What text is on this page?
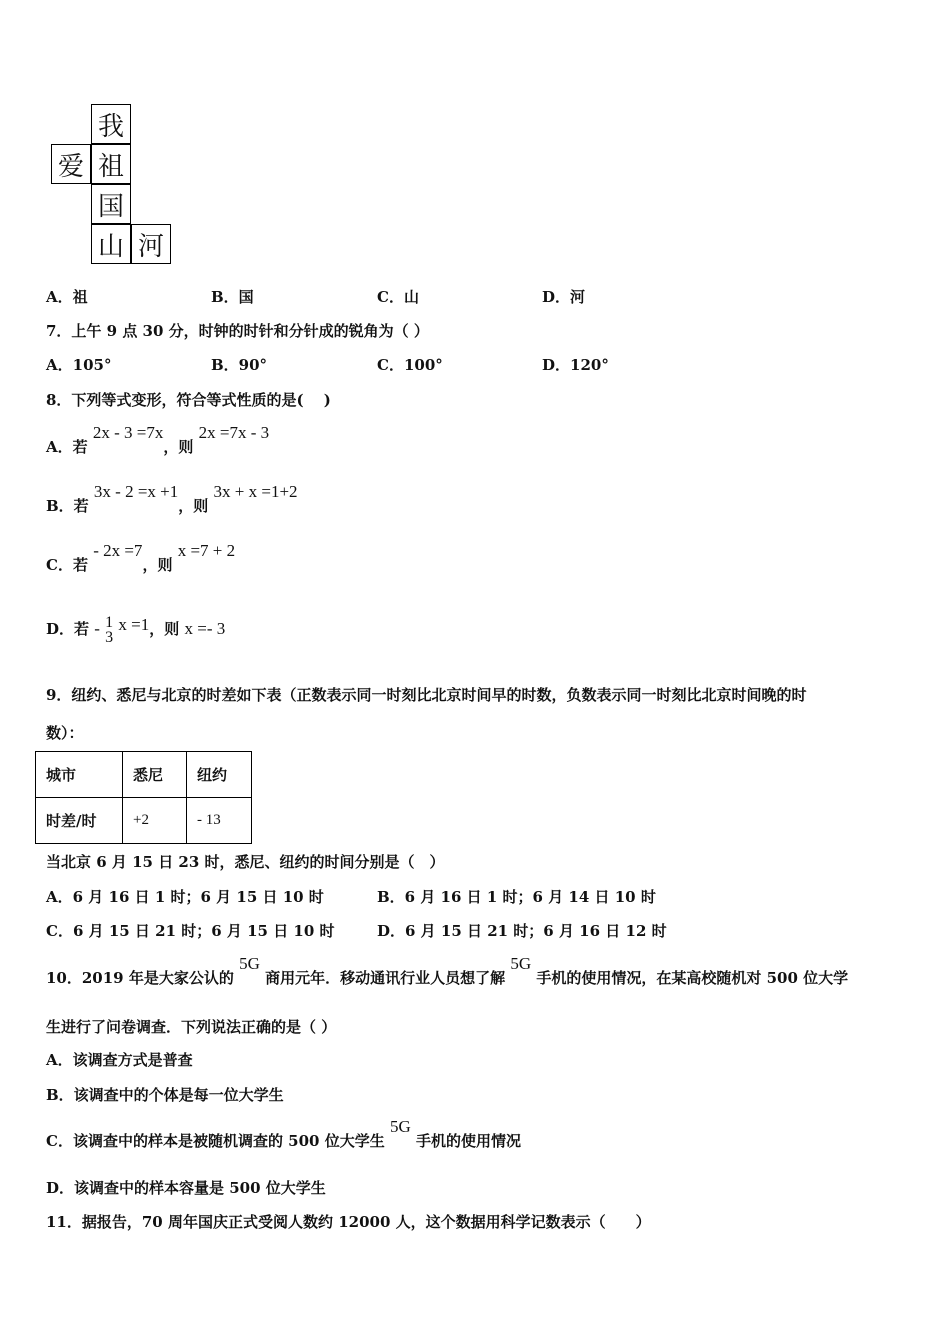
我
爱 祖
国
山 河
A．祖	B．国	C．山	D．河
7．上午 9 点 30 分，时钟的时针和分针成的锐角为（ ）
A．105°	B．90°	C．100°	D．120°
8．下列等式变形，符合等式性质的是(　 )
A．若 2x - 3 =7x，则 2x =7x - 3
B．若 3x - 2 =x +1，则 3x + x =1+2
C．若 - 2x =7，则 x =7 + 2
D．若 - 1
3
x =1，则 x =- 3
9．纽约、悉尼与北京的时差如下表（正数表示同一时刻比北京时间早的时数，负数表示同一时刻比北京时间晚的时
数）：
城市	悉尼	纽约
时差/时	+2	- 13
当北京 6 月 15 日 23 时，悉尼、纽约的时间分别是（　）
A．6 月 16 日 1 时；6 月 15 日 10 时	B．6 月 16 日 1 时；6 月 14 日 10 时
C．6 月 15 日 21 时；6 月 15 日 10 时	D．6 月 15 日 21 时；6 月 16 日 12 时
10．2019 年是大家公认的 5G 商用元年．移动通讯行业人员想了解 5G 手机的使用情况，在某高校随机对 500 位大学
生进行了问卷调查．下列说法正确的是（ ）
A．该调查方式是普查
B．该调查中的个体是每一位大学生
C．该调查中的样本是被随机调查的 500 位大学生 5G 手机的使用情况
D．该调查中的样本容量是 500 位大学生
11．据报告，70 周年国庆正式受阅人数约 12000 人，这个数据用科学记数表示（　　）
